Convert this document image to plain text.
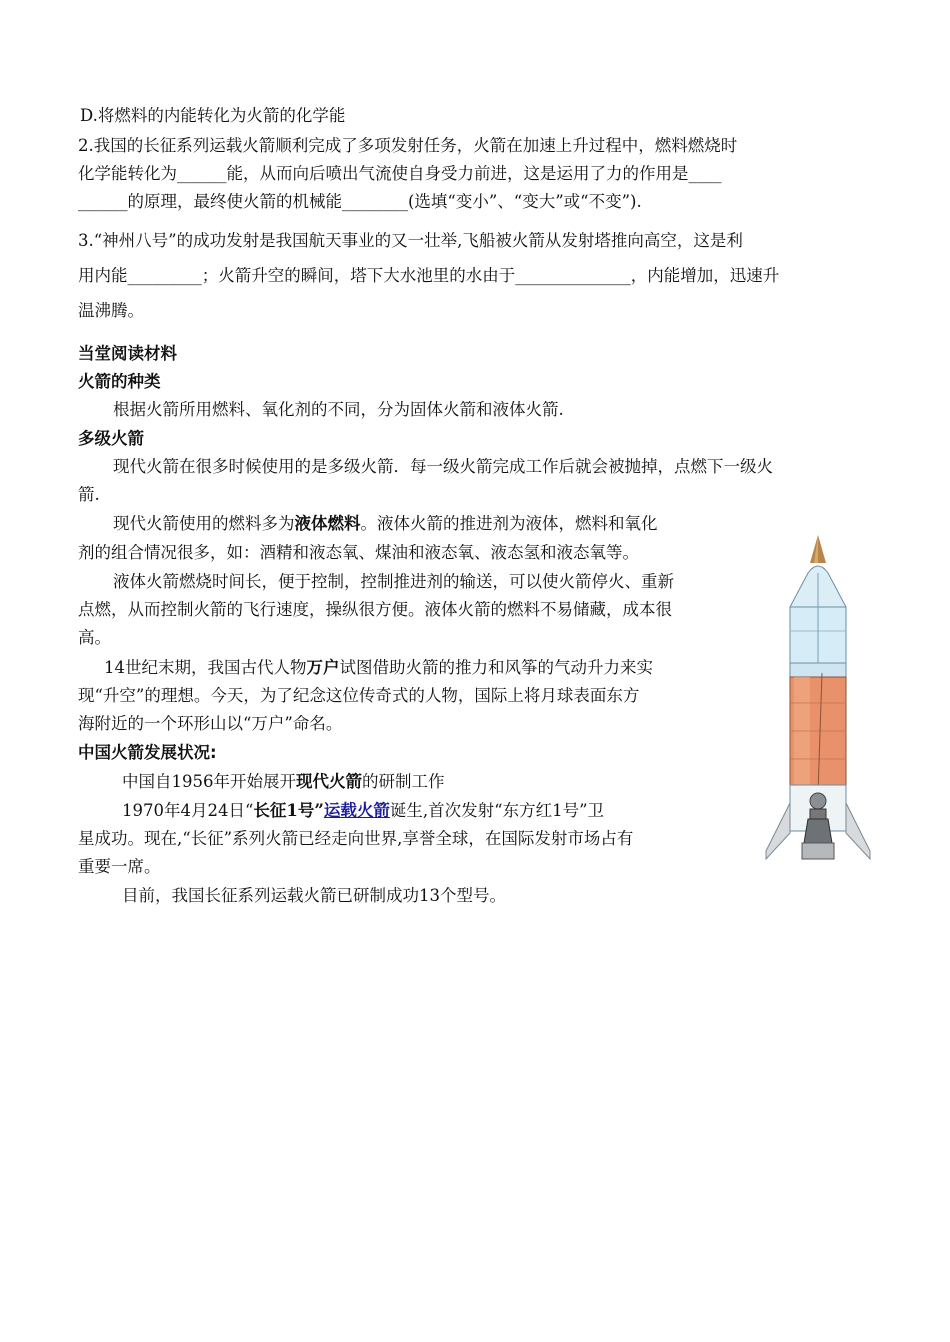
D.将燃料的内能转化为火箭的化学能
2.我国的长征系列运载火箭顺利完成了多项发射任务，火箭在加速上升过程中，燃料燃烧时
化学能转化为______能，从而向后喷出气流使自身受力前进，这是运用了力的作用是____
______的原理，最终使火箭的机械能________(选填“变小”、“变大”或“不变”).
3.“神州八号”的成功发射是我国航天事业的又一壮举,飞船被火箭从发射塔推向高空，这是利
用内能_________；火箭升空的瞬间，塔下大水池里的水由于______________，内能增加，迅速升
温沸腾。
当堂阅读材料
火箭的种类
根据火箭所用燃料、氧化剂的不同，分为固体火箭和液体火箭.
多级火箭
现代火箭在很多时候使用的是多级火箭．每一级火箭完成工作后就会被抛掉，点燃下一级火
箭.
现代火箭使用的燃料多为液体燃料。液体火箭的推进剂为液体，燃料和氧化
剂的组合情况很多，如：酒精和液态氧、煤油和液态氧、液态氢和液态氧等。
液体火箭燃烧时间长，便于控制，控制推进剂的输送，可以使火箭停火、重新
点燃，从而控制火箭的飞行速度，操纵很方便。液体火箭的燃料不易储藏，成本很
高。
14世纪末期，我国古代人物万户试图借助火箭的推力和风筝的气动升力来实
现“升空”的理想。今天，为了纪念这位传奇式的人物，国际上将月球表面东方
海附近的一个环形山以“万户”命名。
中国火箭发展状况:
中国自1956年开始展开现代火箭的研制工作
1970年4月24日“长征1号”运载火箭诞生,首次发射“东方红1号”卫
星成功。现在,“长征”系列火箭已经走向世界,享誉全球，在国际发射市场占有
重要一席。
目前，我国长征系列运载火箭已研制成功13个型号。
